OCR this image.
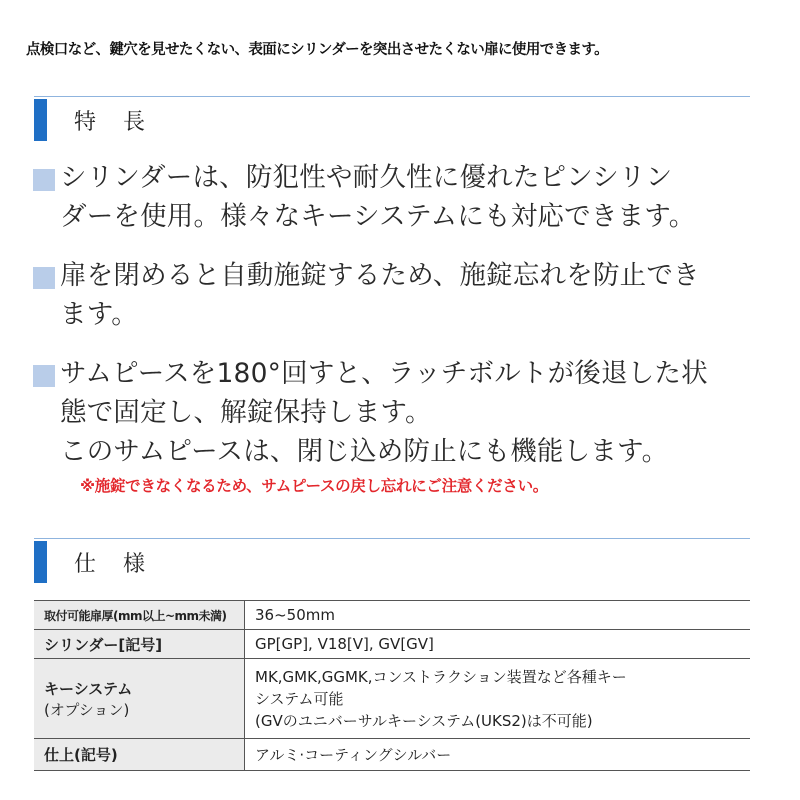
点検口など、鍵穴を見せたくない、表面にシリンダーを突出させたくない扉に使用できます。
特 長
シリンダーは、防犯性や耐久性に優れたピンシリン
ダーを使用。様々なキーシステムにも対応できます。
扉を閉めると自動施錠するため、施錠忘れを防止でき
ます。
サムピースを180°回すと、ラッチボルトが後退した状
態で固定し、解錠保持します。
このサムピースは、閉じ込め防止にも機能します。
※施錠できなくなるため、サムピースの戻し忘れにご注意ください。
仕 様
取付可能扉厚(mm以上~mm未満)	36~50mm
シリンダー[記号]	GP[GP], V18[V], GV[GV]
キーシステム
(オプション)	MK,GMK,GGMK,コンストラクション装置など各種キー
システム可能
(GVのユニバーサルキーシステム(UKS2)は不可能)

仕上(記号)	アルミ·コーティングシルバー
